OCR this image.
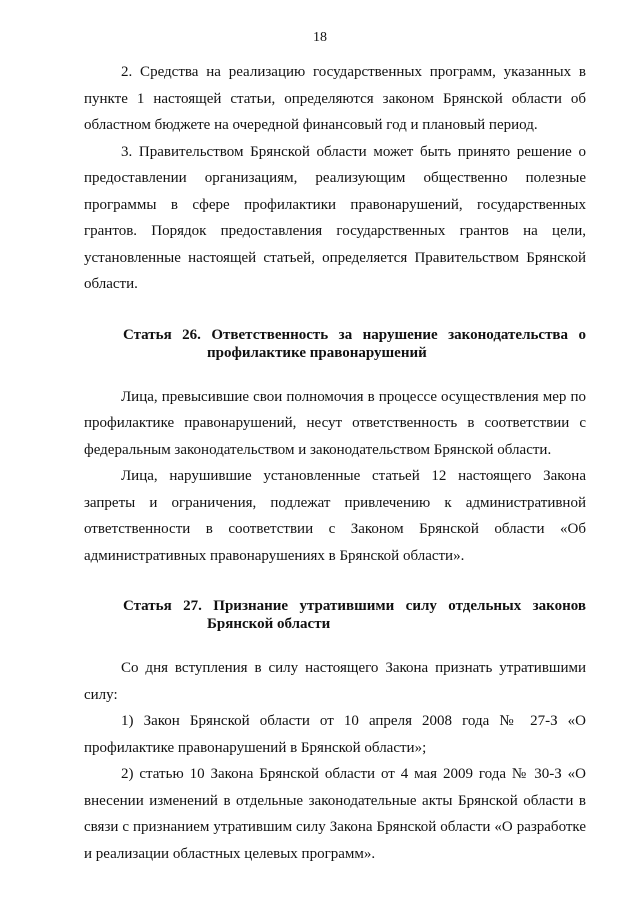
18

2. Средства на реализацию государственных программ, указанных в пункте 1 настоящей статьи, определяются законом Брянской области об областном бюджете на очередной финансовый год и плановый период.

3. Правительством Брянской области может быть принято решение о предоставлении организациям, реализующим общественно полезные программы в сфере профилактики правонарушений, государственных грантов. Порядок предоставления государственных грантов на цели, установленные настоящей статьей, определяется Правительством Брянской области.

Статья 26. Ответственность за нарушение законодательства о профилактике правонарушений

Лица, превысившие свои полномочия в процессе осуществления мер по профилактике правонарушений, несут ответственность в соответствии с федеральным законодательством и законодательством Брянской области.

Лица, нарушившие установленные статьей 12 настоящего Закона запреты и ограничения, подлежат привлечению к административной ответственности в соответствии с Законом Брянской области «Об административных правонарушениях в Брянской области».

Статья 27. Признание утратившими силу отдельных законов Брянской области

Со дня вступления в силу настоящего Закона признать утратившими силу:

1) Закон Брянской области от 10 апреля 2008 года № 27-З «О профилактике правонарушений в Брянской области»;

2) статью 10 Закона Брянской области от 4 мая 2009 года № 30-З «О внесении изменений в отдельные законодательные акты Брянской области в связи с признанием утратившим силу Закона Брянской области «О разработке и реализации областных целевых программ».
